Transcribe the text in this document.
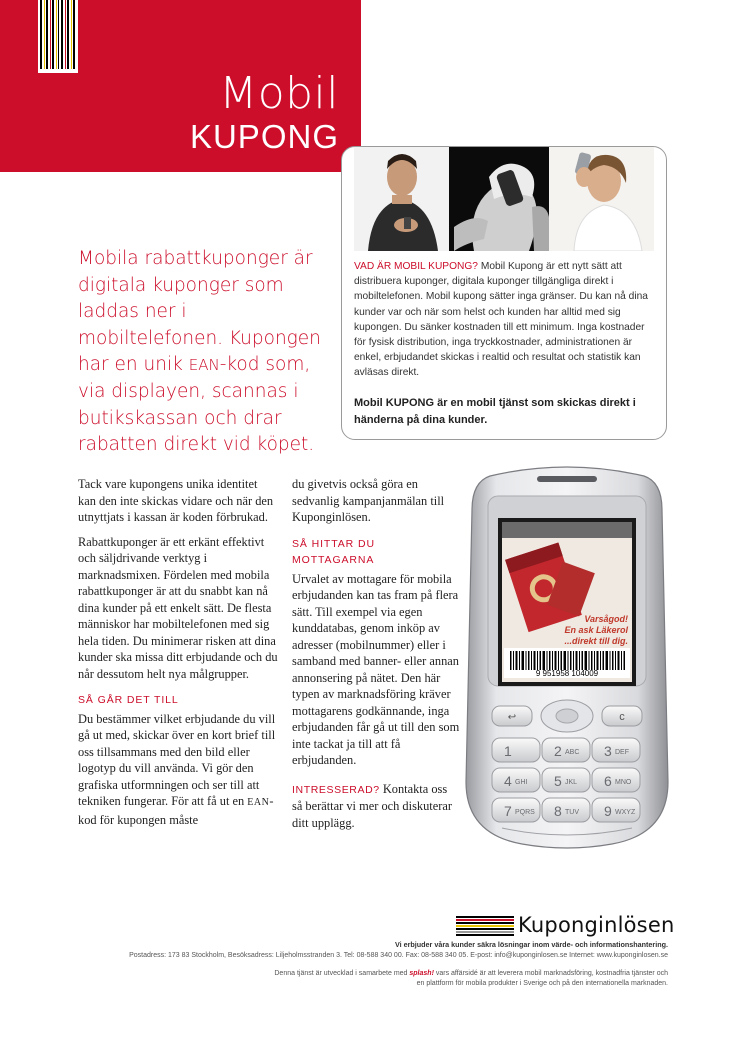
Mobil
KUPONG
Mobila rabattkuponger är digitala kuponger som laddas ner i mobiltelefonen. Kupongen har en unik EAN-kod som, via displayen, scannas i butikskassan och drar rabatten direkt vid köpet.
VAD ÄR MOBIL KUPONG? Mobil Kupong är ett nytt sätt att distribuera kuponger, digitala kuponger tillgängliga direkt i mobiltelefonen. Mobil kupong sätter inga gränser. Du kan nå dina kunder var och när som helst och kunden har alltid med sig kupongen. Du sänker kostnaden till ett minimum. Inga kostnader för fysisk distribution, inga tryckkostnader, administrationen är enkel, erbjudandet skickas i realtid och resultat och statistik kan avläsas direkt.
Mobil KUPONG är en mobil tjänst som skickas direkt i händerna på dina kunder.

Tack vare kupongens unika identitet kan den inte skickas vidare och när den utnyttjats i kassan är koden förbrukad.

Rabattkuponger är ett erkänt effektivt och säljdrivande verktyg i marknadsmixen. Fördelen med mobila rabattkuponger är att du snabbt kan nå dina kunder på ett enkelt sätt. De flesta människor har mobiltelefonen med sig hela tiden. Du minimerar risken att dina kunder ska missa ditt erbjudande och du når dessutom helt nya målgrupper.

SÅ GÅR DET TILL

Du bestämmer vilket erbjudande du vill gå ut med, skickar över en kort brief till oss tillsammans med den bild eller logotyp du vill använda. Vi gör den grafiska utformningen och ser till att tekniken fungerar. För att få ut en EAN-kod för kupongen måste

du givetvis också göra en sedvanlig kampanjanmälan till Kuponginlösen.

SÅ HITTAR DU MOTTAGARNA

Urvalet av mottagare för mobila erbjudanden kan tas fram på flera sätt. Till exempel via egen kunddatabas, genom inköp av adresser (mobilnummer) eller i samband med banner- eller annan annonsering på nätet. Den här typen av marknadsföring kräver mottagarens godkännande, inga erbjudanden får gå ut till den som inte tackat ja till att få erbjudanden.

INTRESSERAD? Kontakta oss så berättar vi mer och diskuterar ditt upplägg.

Varsågod!
En ask Läkerol
...direkt till dig.
9 951958 104009
↩	c
1	2 ABC 3 DEF
4 GHI 5 JKL 6 MNO
7 PQRS 8 TUV 9 WXYZ
Kuponginlösen
Vi erbjuder våra kunder säkra lösningar inom värde- och informationshantering.
Postadress: 173 83 Stockholm, Besöksadress: Liljeholmsstranden 3. Tel: 08-588 340 00. Fax: 08-588 340 05. E-post: info@kuponginlosen.se Internet: www.kuponginlosen.se
Denna tjänst är utvecklad i samarbete med splash! vars affärsidé är att leverera mobil marknadsföring, kostnadfria tjänster och en plattform för mobila produkter i Sverige och på den internationella marknaden.
